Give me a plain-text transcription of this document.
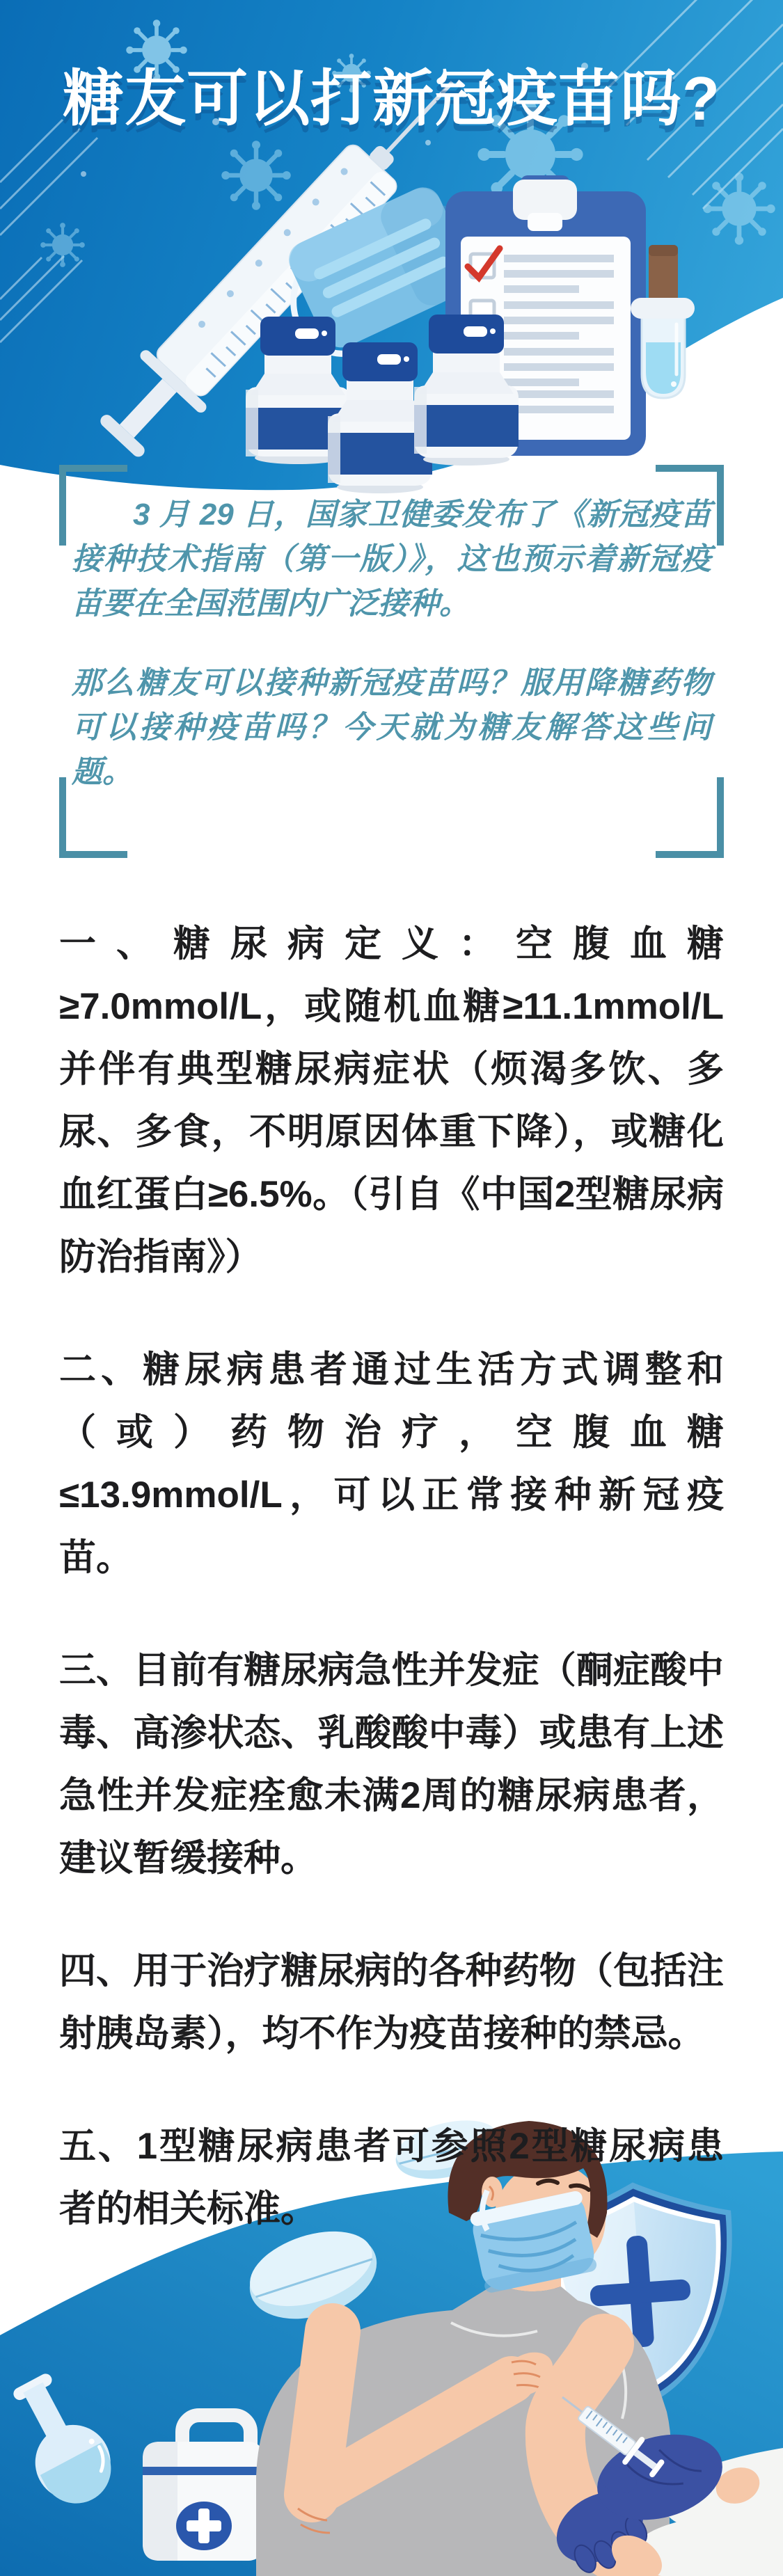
糖友可以打新冠疫苗吗?

3 月 29 日，国家卫健委发布了《新冠疫苗接种技术指南（第一版）》，这也预示着新冠疫苗要在全国范围内广泛接种。

那么糖友可以接种新冠疫苗吗？服用降糖药物可以接种疫苗吗？今天就为糖友解答这些问题。

一、糖尿病定义：空腹血糖≥7.0mmol/L，或随机血糖≥11.1mmol/L并伴有典型糖尿病症状（烦渴多饮、多尿、多食，不明原因体重下降），或糖化血红蛋白≥6.5%。（引自《中国2型糖尿病防治指南》）

二、糖尿病患者通过生活方式调整和（或）药物治疗，空腹血糖≤13.9mmol/L，可以正常接种新冠疫苗。

三、目前有糖尿病急性并发症（酮症酸中毒、高渗状态、乳酸酸中毒）或患有上述急性并发症痊愈未满2周的糖尿病患者，建议暂缓接种。

四、用于治疗糖尿病的各种药物（包括注射胰岛素），均不作为疫苗接种的禁忌。

五、1型糖尿病患者可参照2型糖尿病患者的相关标准。
